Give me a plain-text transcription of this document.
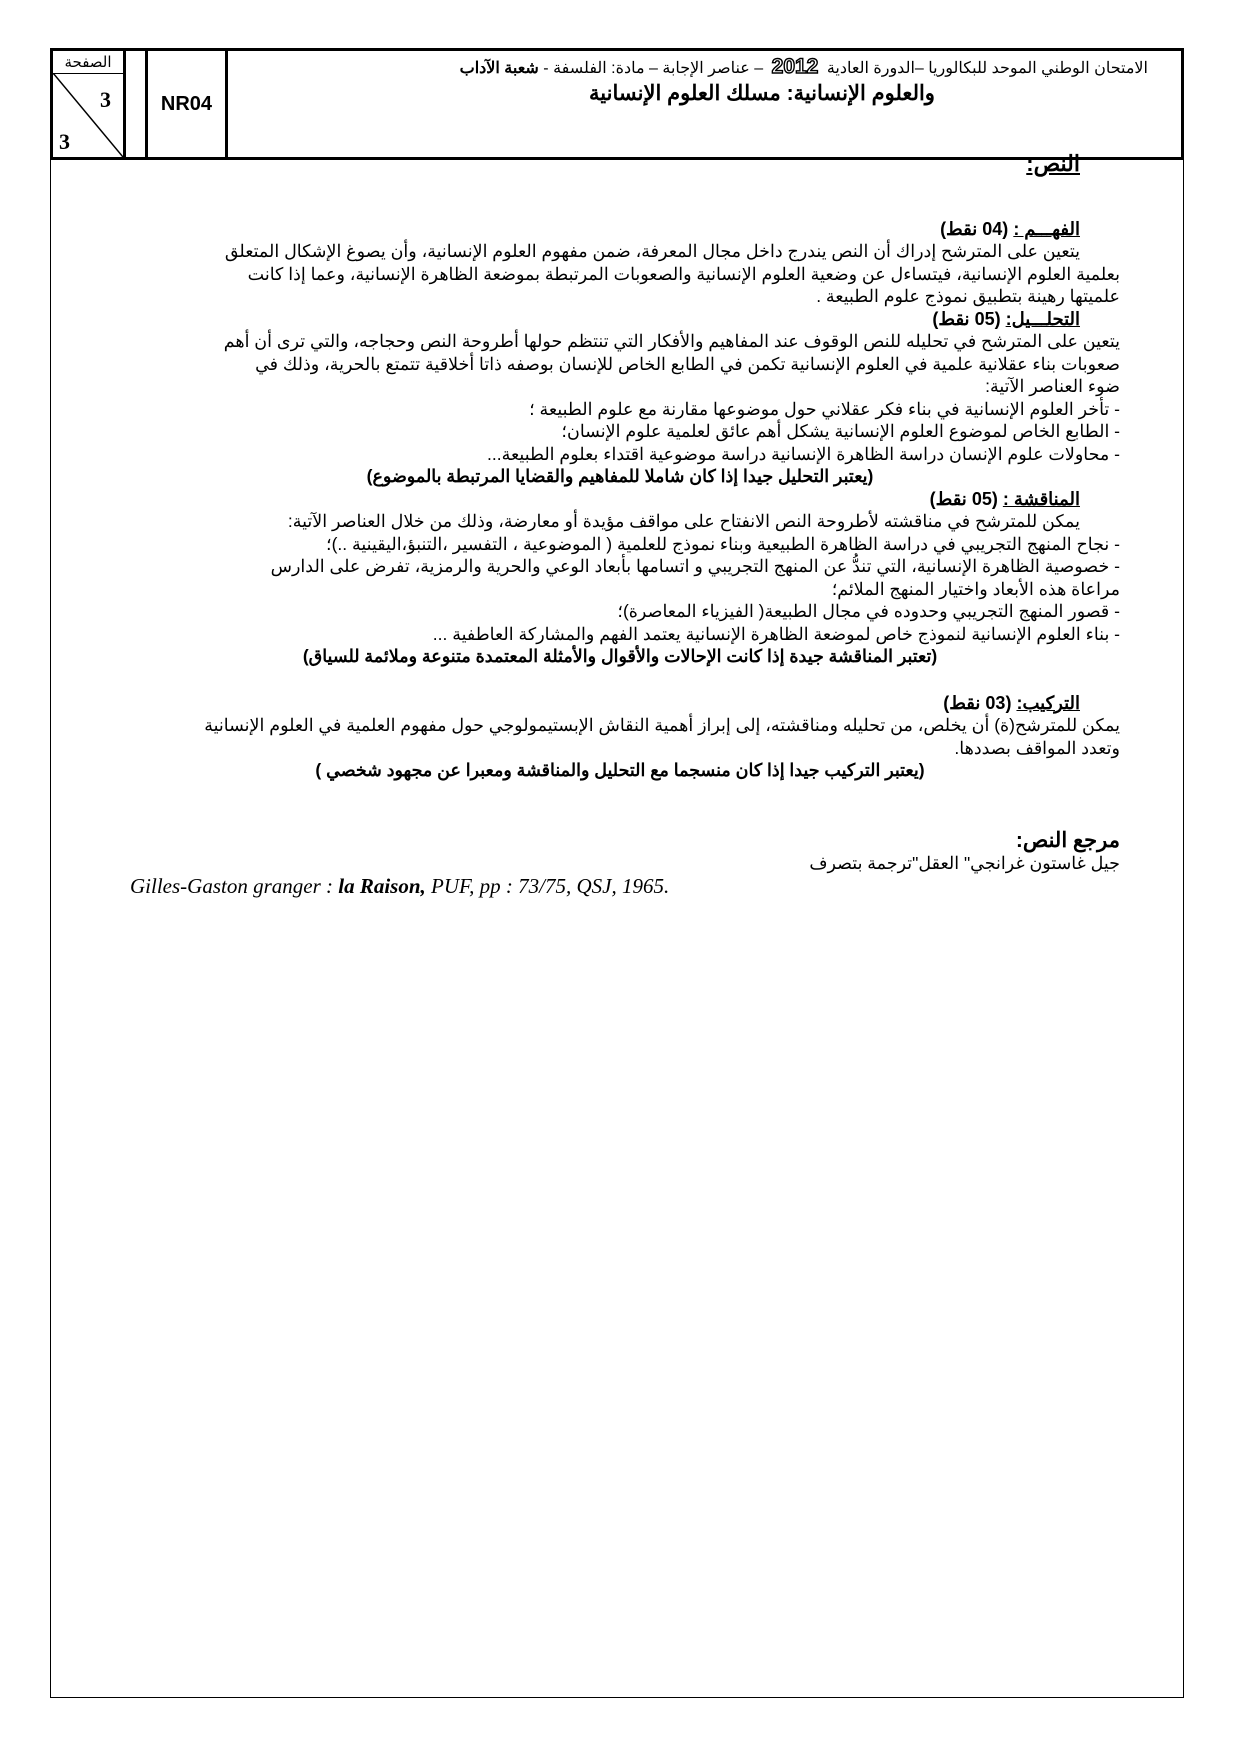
الصفحة
3
3
NR04
الامتحان الوطني الموحد للبكالوريا –الدورة العادية 2012 – عناصر الإجابة – مادة: الفلسفة - شعبة الآداب
والعلوم الإنسانية: مسلك العلوم الإنسانية

النص:

الفهـــم : (04 نقط)

يتعين على المترشح إدراك أن النص يندرج داخل مجال المعرفة، ضمن مفهوم العلوم الإنسانية، وأن يصوغ الإشكال المتعلق

بعلمية العلوم الإنسانية، فيتساءل عن وضعية العلوم الإنسانية والصعوبات المرتبطة بموضعة الظاهرة الإنسانية، وعما إذا كانت

علميتها رهينة بتطبيق نموذج علوم الطبيعة .

التحلـــيل: (05 نقط)

يتعين على المترشح في تحليله للنص الوقوف عند المفاهيم والأفكار التي تنتظم حولها أطروحة النص وحجاجه، والتي ترى أن أهم

صعوبات بناء عقلانية علمية في العلوم الإنسانية تكمن في الطابع الخاص للإنسان بوصفه ذاتا أخلاقية تتمتع بالحرية، وذلك في

ضوء العناصر الآتية:

- تأخر العلوم الإنسانية في بناء فكر عقلاني حول موضوعها مقارنة مع علوم الطبيعة ؛

- الطابع الخاص لموضوع العلوم الإنسانية يشكل أهم عائق لعلمية علوم الإنسان؛

- محاولات علوم الإنسان دراسة الظاهرة الإنسانية دراسة موضوعية اقتداء بعلوم الطبيعة...

(يعتبر التحليل جيدا إذا كان شاملا للمفاهيم والقضايا المرتبطة بالموضوع)

المناقشة : (05 نقط)

يمكن للمترشح في مناقشته لأطروحة النص الانفتاح على مواقف مؤيدة أو معارضة، وذلك من خلال العناصر الآتية:

- نجاح المنهج التجريبي في دراسة الظاهرة الطبيعية وبناء نموذج للعلمية ( الموضوعية ، التفسير ،التنبؤ،اليقينية ..)؛

- خصوصية الظاهرة الإنسانية، التي تندُّ عن المنهج التجريبي و اتسامها بأبعاد الوعي والحرية والرمزية، تفرض على الدارس

مراعاة هذه الأبعاد واختيار المنهج الملائم؛

- قصور المنهج التجريبي وحدوده في مجال الطبيعة( الفيزياء المعاصرة)؛

- بناء العلوم الإنسانية لنموذج خاص لموضعة الظاهرة الإنسانية يعتمد الفهم والمشاركة العاطفية ...

(تعتبر المناقشة جيدة إذا كانت الإحالات والأقوال والأمثلة المعتمدة متنوعة وملائمة للسياق)

التركيب: (03 نقط)

يمكن للمترشح(ة) أن يخلص، من تحليله ومناقشته، إلى إبراز أهمية النقاش الإبستيمولوجي حول مفهوم العلمية في العلوم الإنسانية

وتعدد المواقف بصددها.

(يعتبر التركيب جيدا إذا كان منسجما مع التحليل والمناقشة ومعبرا عن مجهود شخصي )

مرجع النص:

جيل غاستون غرانجي" العقل"ترجمة بتصرف

Gilles-Gaston granger : la Raison, PUF, pp : 73/75, QSJ, 1965.
